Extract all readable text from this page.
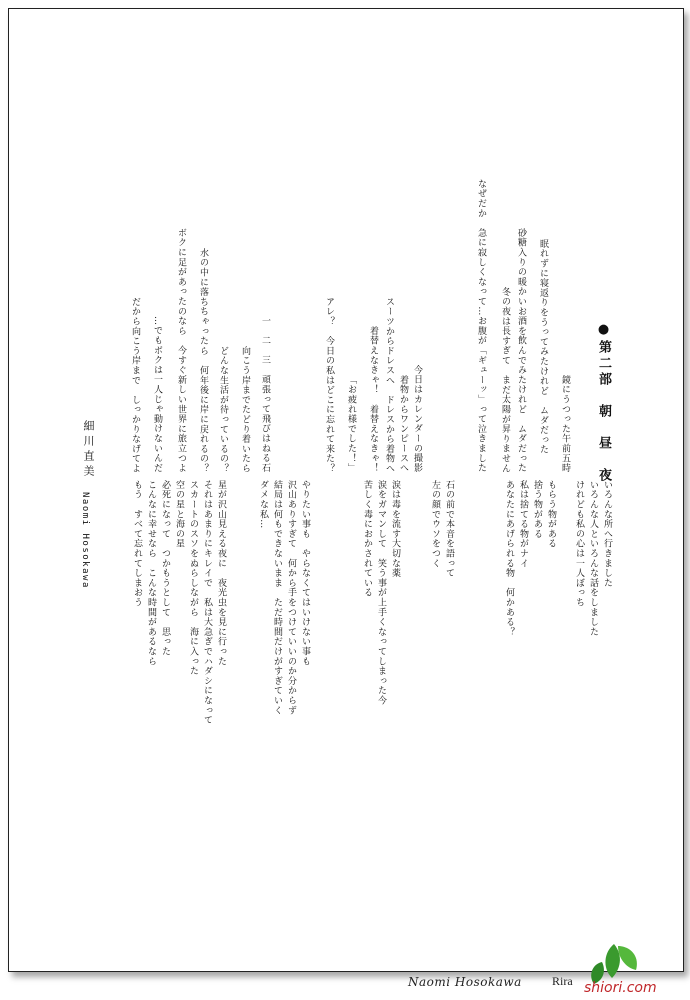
●第二部　朝　昼　夜
いろんな所へ行きました
いろんな人といろんな話をしました
けれども私の心は一人ぼっち
もらう物がある
捨う物がある
私は捨てる物がナイ
あなたにあげられる物　何かある？
石の前で本音を語って
左の顔でウソをつく
涙は毒を流す大切な薬
涙をガマンして　笑う事が上手くなってしまった今
苦しく毒におかされている
やりたい事も　やらなくてはいけない事も
沢山ありすぎて　何から手をつけていいのか分からず
結局は何もできないまま　ただ時間だけがすぎていく
ダメな私…
星が沢山見える夜に　夜光虫を見に行った
それはあまりにキレイで　私は大急ぎでハダシになって
スカートのスソをぬらしながら　海に入った
空の星と海の星
必死になって　つかもうとして　思った
こんなに幸せなら　こんな時間があるなら
もう　すべて忘れてしまおう
鏡にうつった午前五時
眠れずに寝返りをうってみたけれど　ムダだった
砂糖入りの暖かいお酒を飲んでみたけれど　ムダだった
冬の夜は長すぎて　まだ太陽が昇りません
なぜだか　急に寂しくなって…お腹が「ギューッ」って泣きました
今日はカレンダーの撮影
着物からワンピースへ
スーツからドレスへ　ドレスから着物へ
着替えなきゃ！　着替えなきゃ！
「お疲れ様でした！」
アレ？　今日の私はどこに忘れて来た？
一　二　三　頑張って飛びはねる石
向こう岸までたどり着いたら
どんな生活が待っているの？
水の中に落ちちゃったら　何年後に岸に戻れるの？
ボクに足があったのなら　今すぐ新しい世界に旅立つよ
…でもボクは一人じゃ動けないんだ
だから向こう岸まで　しっかりなげてよ
細川直美
Naomi Hosokawa
Naomi Hosokawa	Rira shiori.com
